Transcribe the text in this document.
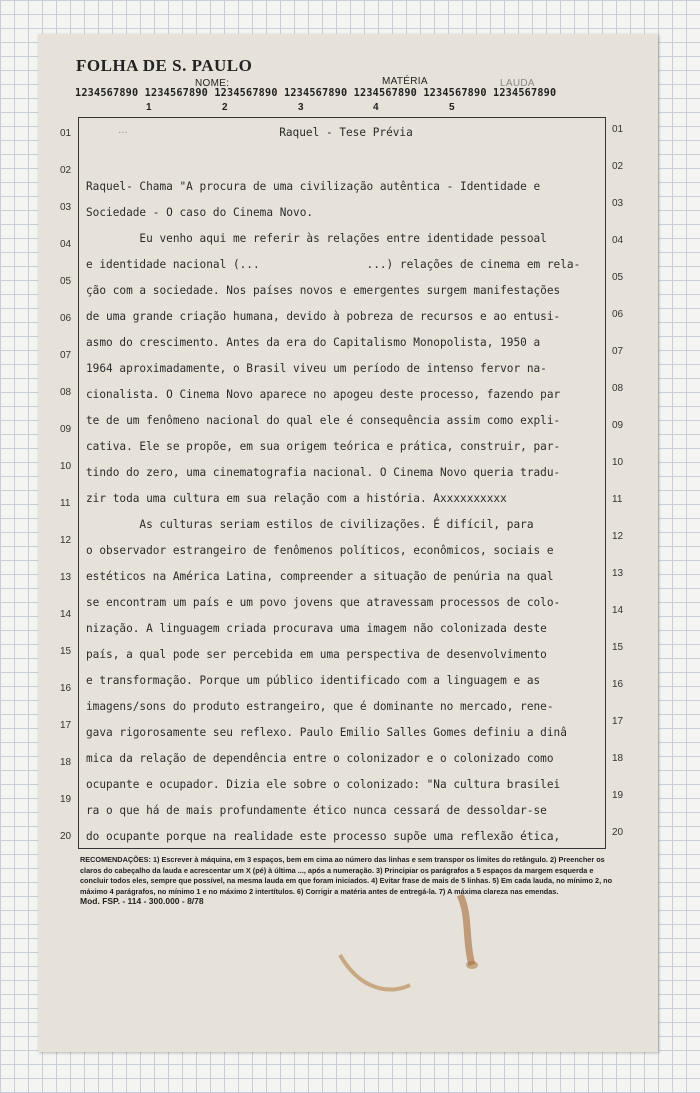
FOLHA DE S. PAULO
NOME:	MATÉRIA	LAUDA
1234567890 1234567890 1234567890 1234567890 1234567890 1234567890 1234567890
1	2	3	4	5
...	Raquel - Tese Prévia
01
02
03
04
05
06
07
08
09
10
11
12
13
14
15
16
17
18
19
20
01
02
03
04
05
06
07
08
09
10
11
12
13
14
15
16
17
18
19
20
Raquel- Chama "A procura de uma civilização autêntica - Identidade e
Sociedade - O caso do Cinema Novo.
Eu venho aqui me referir às relações entre identidade pessoal
e identidade nacional (...                ...) relações de cinema em rela-
ção com a sociedade. Nos países novos e emergentes surgem manifestações
de uma grande criação humana, devido à pobreza de recursos e ao entusi-
asmo do crescimento. Antes da era do Capitalismo Monopolista, 1950 a
1964 aproximadamente, o Brasil viveu um período de intenso fervor na-
cionalista. O Cinema Novo aparece no apogeu deste processo, fazendo par
te de um fenômeno nacional do qual ele é consequência assim como expli-
cativa. Ele se propõe, em sua origem teórica e prática, construir, par-
tindo do zero, uma cinematografia nacional. O Cinema Novo queria tradu-
zir toda uma cultura em sua relação com a história. Axxxxxxxxxx
As culturas seriam estilos de civilizações. É difícil, para
o observador estrangeiro de fenômenos políticos, econômicos, sociais e
estéticos na América Latina, compreender a situação de penúria na qual
se encontram um país e um povo jovens que atravessam processos de colo-
nização. A linguagem criada procurava uma imagem não colonizada deste
país, a qual pode ser percebida em uma perspectiva de desenvolvimento
e transformação. Porque um público identificado com a linguagem e as
imagens/sons do produto estrangeiro, que é dominante no mercado, rene-
gava rigorosamente seu reflexo. Paulo Emilio Salles Gomes definiu a dinâ
mica da relação de dependência entre o colonizador e o colonizado como
ocupante e ocupador. Dizia ele sobre o colonizado: "Na cultura brasilei
ra o que há de mais profundamente ético nunca cessará de dessoldar-se
do ocupante porque na realidade este processo supõe uma reflexão ética,
RECOMENDAÇÕES: 1) Escrever à máquina, em 3 espaços, bem em cima ao número das linhas e sem transpor os limites do retângulo. 2) Preencher os claros do cabeçalho da lauda e acrescentar um X (pé) à última ..., após a numeração. 3) Principiar os parágrafos a 5 espaços da margem esquerda e concluir todos eles, sempre que possível, na mesma lauda em que foram iniciados. 4) Evitar frase de mais de 5 linhas. 5) Em cada lauda, no mínimo 2, no máximo 4 parágrafos, no mínimo 1 e no máximo 2 intertítulos. 6) Corrigir a matéria antes de entregá-la. 7) A máxima clareza nas emendas.
Mod. FSP. - 114 - 300.000 - 8/78
